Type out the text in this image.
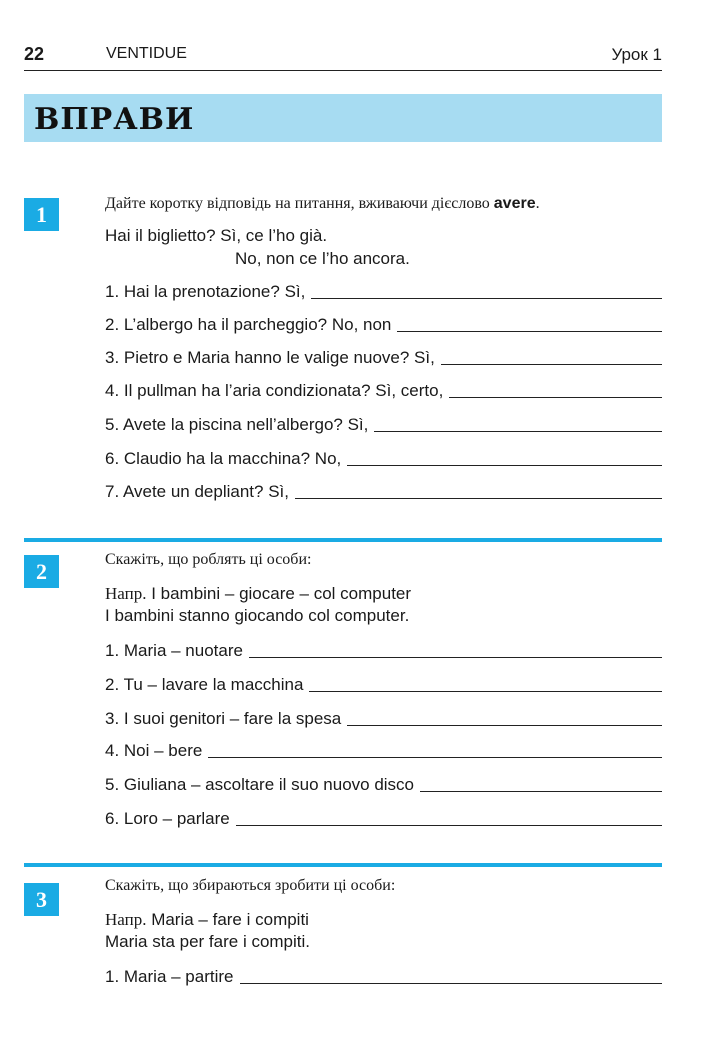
22	VENTIDUE	Урок 1
ВПРАВИ
1	Дайте коротку відповідь на питання, вживаючи дієслово avere.
Hai il biglietto? Sì, ce l’ho già.
No, non ce l’ho ancora.
1. Hai la prenotazione? Sì,
2. L’albergo ha il parcheggio? No, non
3. Pietro e Maria hanno le valige nuove? Sì,
4. Il pullman ha l’aria condizionata? Sì, certo,
5. Avete la piscina nell’albergo? Sì,
6. Claudio ha la macchina? No,
7. Avete un depliant? Sì,
2	Скажіть, що роблять ці особи:
Напр. I bambini – giocare – col computer
I bambini stanno giocando col computer.
1. Maria – nuotare
2. Tu – lavare la macchina
3. I suoi genitori – fare la spesa
4. Noi – bere
5. Giuliana – ascoltare il suo nuovo disco
6. Loro – parlare
3
Скажіть, що збираються зробити ці особи:
Напр. Maria – fare i compiti
Maria sta per fare i compiti.
1. Maria – partire
